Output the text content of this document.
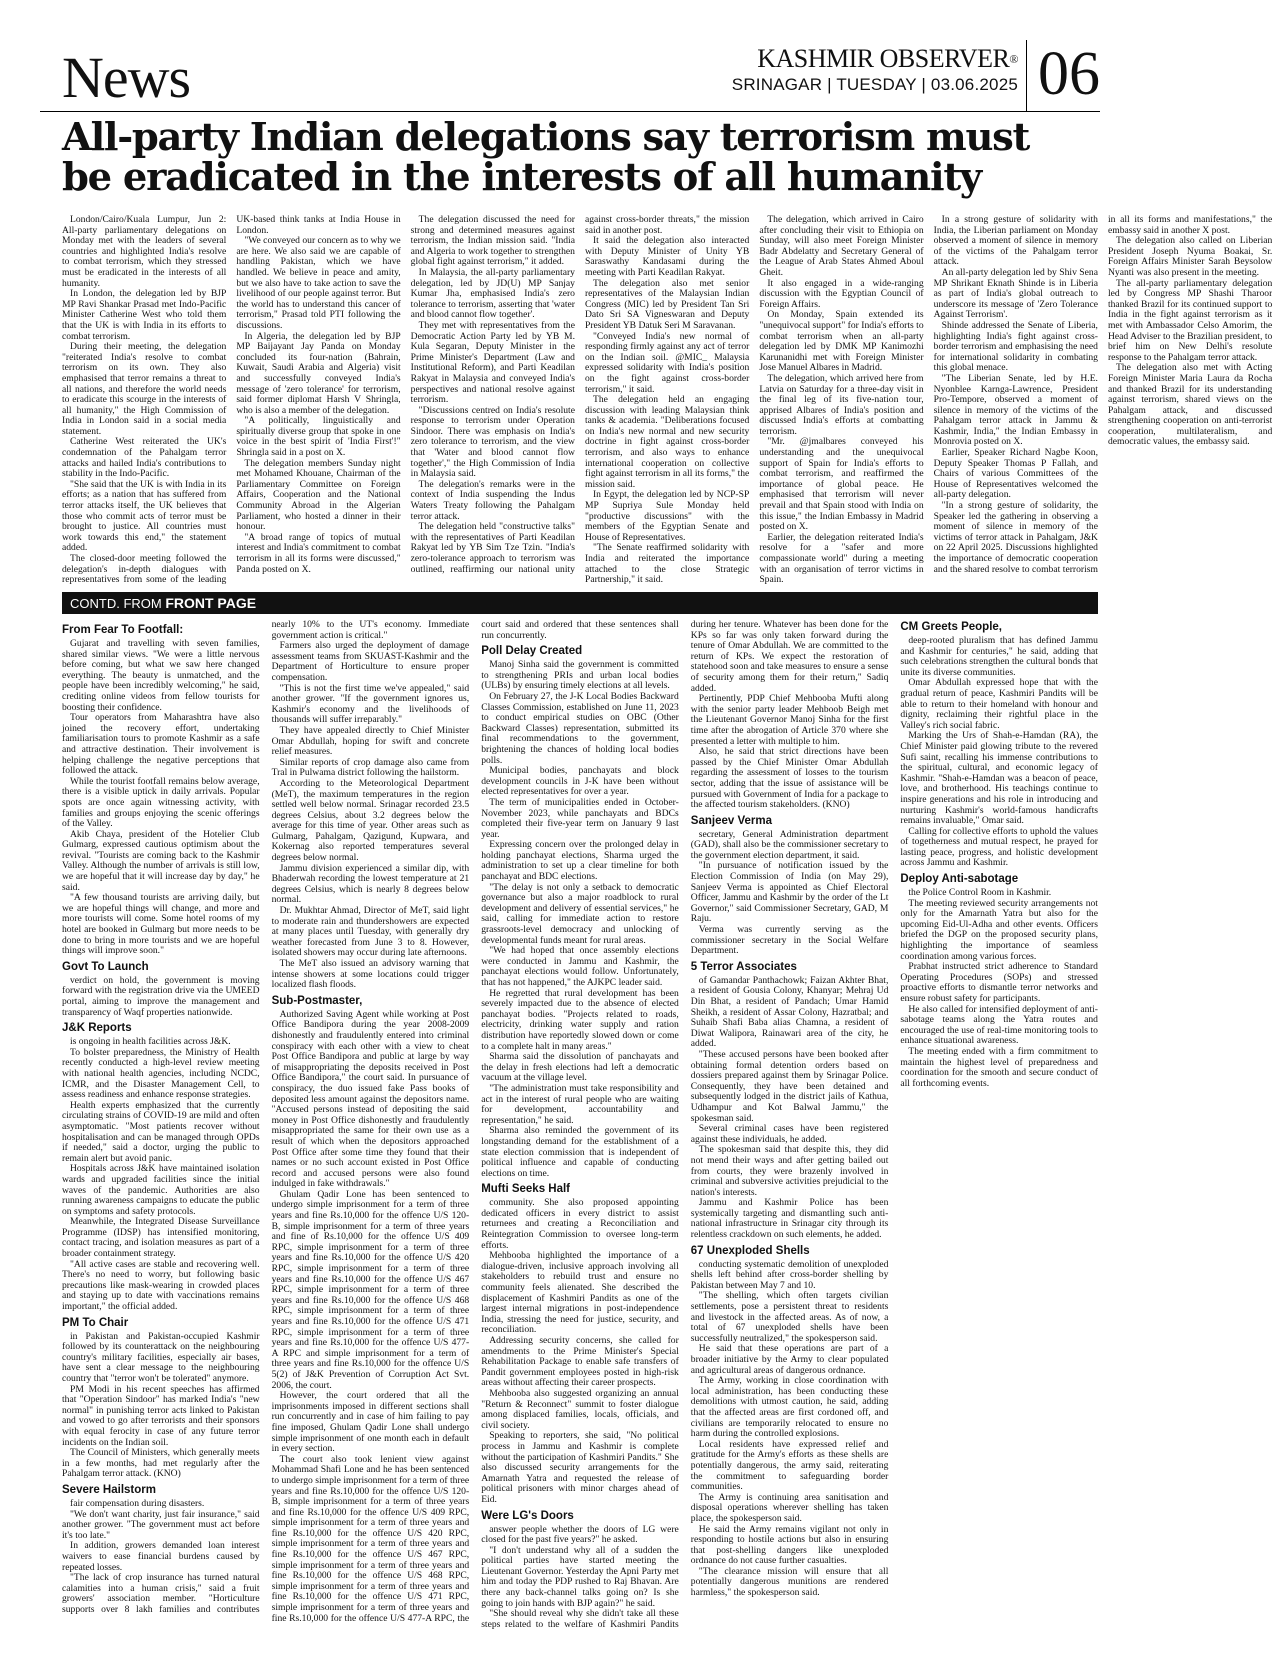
News	KASHMIR OBSERVER®
SRINAGAR | TUESDAY | 03.06.2025 06
All-party Indian delegations say terrorism must be eradicated in the interests of all humanity

London/Cairo/Kuala Lumpur, Jun 2: All-party parliamentary delegations on Monday met with the leaders of several countries and highlighted India's resolve to combat terrorism, which they stressed must be eradicated in the interests of all humanity.

In London, the delegation led by BJP MP Ravi Shankar Prasad met Indo-Pacific Minister Catherine West who told them that the UK is with India in its efforts to combat terrorism.

During their meeting, the delegation "reiterated India's resolve to combat terrorism on its own. They also emphasised that terror remains a threat to all nations, and therefore the world needs to eradicate this scourge in the interests of all humanity," the High Commission of India in London said in a social media statement.

Catherine West reiterated the UK's condemnation of the Pahalgam terror attacks and hailed India's contributions to stability in the Indo-Pacific.

"She said that the UK is with India in its efforts; as a nation that has suffered from terror attacks itself, the UK believes that those who commit acts of terror must be brought to justice. All countries must work towards this end," the statement added.

The closed-door meeting followed the delegation's in-depth dialogues with representatives from some of the leading UK-based think tanks at India House in London.

"We conveyed our concern as to why we are here. We also said we are capable of handling Pakistan, which we have handled. We believe in peace and amity, but we also have to take action to save the livelihood of our people against terror. But the world has to understand this cancer of terrorism," Prasad told PTI following the discussions.

In Algeria, the delegation led by BJP MP Baijayant Jay Panda on Monday concluded its four-nation (Bahrain, Kuwait, Saudi Arabia and Algeria) visit and successfully conveyed India's message of 'zero tolerance' for terrorism, said former diplomat Harsh V Shringla, who is also a member of the delegation.

"A politically, linguistically and spiritually diverse group that spoke in one voice in the best spirit of 'India First'!" Shringla said in a post on X.

The delegation members Sunday night met Mohamed Khouane, Chairman of the Parliamentary Committee on Foreign Affairs, Cooperation and the National Community Abroad in the Algerian Parliament, who hosted a dinner in their honour.

"A broad range of topics of mutual interest and India's commitment to combat terrorism in all its forms were discussed," Panda posted on X.

The delegation discussed the need for strong and determined measures against terrorism, the Indian mission said. "India and Algeria to work together to strengthen global fight against terrorism," it added.

In Malaysia, the all-party parliamentary delegation, led by JD(U) MP Sanjay Kumar Jha, emphasised India's zero tolerance to terrorism, asserting that 'water and blood cannot flow together'.

They met with representatives from the Democratic Action Party led by YB M. Kula Segaran, Deputy Minister in the Prime Minister's Department (Law and Institutional Reform), and Parti Keadilan Rakyat in Malaysia and conveyed India's perspectives and national resolve against terrorism.

"Discussions centred on India's resolute response to terrorism under Operation Sindoor. There was emphasis on India's zero tolerance to terrorism, and the view that 'Water and blood cannot flow together'," the High Commission of India in Malaysia said.

The delegation's remarks were in the context of India suspending the Indus Waters Treaty following the Pahalgam terror attack.

The delegation held "constructive talks" with the representatives of Parti Keadilan Rakyat led by YB Sim Tze Tzin. "India's zero-tolerance approach to terrorism was outlined, reaffirming our national unity against cross-border threats," the mission said in another post.

It said the delegation also interacted with Deputy Minister of Unity YB Saraswathy Kandasami during the meeting with Parti Keadilan Rakyat.

The delegation also met senior representatives of the Malaysian Indian Congress (MIC) led by President Tan Sri Dato Sri SA Vigneswaran and Deputy President YB Datuk Seri M Saravanan.

"Conveyed India's new normal of responding firmly against any act of terror on the Indian soil. @MIC_ Malaysia expressed solidarity with India's position on the fight against cross-border terrorism," it said.

The delegation held an engaging discussion with leading Malaysian think tanks & academia. "Deliberations focused on India's new normal and new security doctrine in fight against cross-border terrorism, and also ways to enhance international cooperation on collective fight against terrorism in all its forms," the mission said.

In Egypt, the delegation led by NCP-SP MP Supriya Sule Monday held "productive discussions" with the members of the Egyptian Senate and House of Representatives.

"The Senate reaffirmed solidarity with India and reiterated the importance attached to the close Strategic Partnership," it said.

The delegation, which arrived in Cairo after concluding their visit to Ethiopia on Sunday, will also meet Foreign Minister Badr Abdelatty and Secretary General of the League of Arab States Ahmed Aboul Gheit.

It also engaged in a wide-ranging discussion with the Egyptian Council of Foreign Affairs.

On Monday, Spain extended its "unequivocal support" for India's efforts to combat terrorism when an all-party delegation led by DMK MP Kanimozhi Karunanidhi met with Foreign Minister Jose Manuel Albares in Madrid.

The delegation, which arrived here from Latvia on Saturday for a three-day visit in the final leg of its five-nation tour, apprised Albares of India's position and discussed India's efforts at combatting terrorism.

"Mr. @jmalbares conveyed his understanding and the unequivocal support of Spain for India's efforts to combat terrorism, and reaffirmed the importance of global peace. He emphasised that terrorism will never prevail and that Spain stood with India on this issue," the Indian Embassy in Madrid posted on X.

Earlier, the delegation reiterated India's resolve for a "safer and more compassionate world" during a meeting with an organisation of terror victims in Spain.

In a strong gesture of solidarity with India, the Liberian parliament on Monday observed a moment of silence in memory of the victims of the Pahalgam terror attack.

An all-party delegation led by Shiv Sena MP Shrikant Eknath Shinde is in Liberia as part of India's global outreach to underscore its message of 'Zero Tolerance Against Terrorism'.

Shinde addressed the Senate of Liberia, highlighting India's fight against cross-border terrorism and emphasising the need for international solidarity in combating this global menace.

"The Liberian Senate, led by H.E. Nyonblee Karnga-Lawrence, President Pro-Tempore, observed a moment of silence in memory of the victims of the Pahalgam terror attack in Jammu & Kashmir, India," the Indian Embassy in Monrovia posted on X.

Earlier, Speaker Richard Nagbe Koon, Deputy Speaker Thomas P Fallah, and Chairs of various Committees of the House of Representatives welcomed the all-party delegation.

"In a strong gesture of solidarity, the Speaker led the gathering in observing a moment of silence in memory of the victims of terror attack in Pahalgam, J&K on 22 April 2025. Discussions highlighted the importance of democratic cooperation and the shared resolve to combat terrorism in all its forms and manifestations," the embassy said in another X post.

The delegation also called on Liberian President Joseph Nyuma Boakai, Sr. Foreign Affairs Minister Sarah Beysolow Nyanti was also present in the meeting.

The all-party parliamentary delegation led by Congress MP Shashi Tharoor thanked Brazil for its continued support to India in the fight against terrorism as it met with Ambassador Celso Amorim, the Head Adviser to the Brazilian president, to brief him on New Delhi's resolute response to the Pahalgam terror attack.

The delegation also met with Acting Foreign Minister Maria Laura da Rocha and thanked Brazil for its understanding against terrorism, shared views on the Pahalgam attack, and discussed strengthening cooperation on anti-terrorist cooperation, multilateralism, and democratic values, the embassy said.

CONTD. FROM FRONT PAGE
From Fear To Footfall:

Gujarat and travelling with seven families, shared similar views. "We were a little nervous before coming, but what we saw here changed everything. The beauty is unmatched, and the people have been incredibly welcoming," he said, crediting online videos from fellow tourists for boosting their confidence.

Tour operators from Maharashtra have also joined the recovery effort, undertaking familiarisation tours to promote Kashmir as a safe and attractive destination. Their involvement is helping challenge the negative perceptions that followed the attack.

While the tourist footfall remains below average, there is a visible uptick in daily arrivals. Popular spots are once again witnessing activity, with families and groups enjoying the scenic offerings of the Valley.

Akib Chaya, president of the Hotelier Club Gulmarg, expressed cautious optimism about the revival. "Tourists are coming back to the Kashmir Valley. Although the number of arrivals is still low, we are hopeful that it will increase day by day," he said.

"A few thousand tourists are arriving daily, but we are hopeful things will change, and more and more tourists will come. Some hotel rooms of my hotel are booked in Gulmarg but more needs to be done to bring in more tourists and we are hopeful things will improve soon."

Govt To Launch

verdict on hold, the government is moving forward with the registration drive via the UMEED portal, aiming to improve the management and transparency of Waqf properties nationwide.

J&K Reports

is ongoing in health facilities across J&K.

To bolster preparedness, the Ministry of Health recently conducted a high-level review meeting with national health agencies, including NCDC, ICMR, and the Disaster Management Cell, to assess readiness and enhance response strategies.

Health experts emphasized that the currently circulating strains of COVID-19 are mild and often asymptomatic. "Most patients recover without hospitalisation and can be managed through OPDs if needed," said a doctor, urging the public to remain alert but avoid panic.

Hospitals across J&K have maintained isolation wards and upgraded facilities since the initial waves of the pandemic. Authorities are also running awareness campaigns to educate the public on symptoms and safety protocols.

Meanwhile, the Integrated Disease Surveillance Programme (IDSP) has intensified monitoring, contact tracing, and isolation measures as part of a broader containment strategy.

"All active cases are stable and recovering well. There's no need to worry, but following basic precautions like mask-wearing in crowded places and staying up to date with vaccinations remains important," the official added.

PM To Chair

in Pakistan and Pakistan-occupied Kashmir followed by its counterattack on the neighbouring country's military facilities, especially air bases, have sent a clear message to the neighbouring country that "terror won't be tolerated" anymore.

PM Modi in his recent speeches has affirmed that "Operation Sindoor" has marked India's "new normal" in punishing terror acts linked to Pakistan and vowed to go after terrorists and their sponsors with equal ferocity in case of any future terror incidents on the Indian soil.

The Council of Ministers, which generally meets in a few months, had met regularly after the Pahalgam terror attack. (KNO)

Severe Hailstorm

fair compensation during disasters.

"We don't want charity, just fair insurance," said another grower. "The government must act before it's too late."

In addition, growers demanded loan interest waivers to ease financial burdens caused by repeated losses.

"The lack of crop insurance has turned natural calamities into a human crisis," said a fruit growers' association member. "Horticulture supports over 8 lakh families and contributes nearly 10% to the UT's economy. Immediate government action is critical."

Farmers also urged the deployment of damage assessment teams from SKUAST-Kashmir and the Department of Horticulture to ensure proper compensation.

"This is not the first time we've appealed," said another grower. "If the government ignores us, Kashmir's economy and the livelihoods of thousands will suffer irreparably."

They have appealed directly to Chief Minister Omar Abdullah, hoping for swift and concrete relief measures.

Similar reports of crop damage also came from Tral in Pulwama district following the hailstorm.

According to the Meteorological Department (MeT), the maximum temperatures in the region settled well below normal. Srinagar recorded 23.5 degrees Celsius, about 3.2 degrees below the average for this time of year. Other areas such as Gulmarg, Pahalgam, Qazigund, Kupwara, and Kokernag also reported temperatures several degrees below normal.

Jammu division experienced a similar dip, with Bhaderwah recording the lowest temperature at 21 degrees Celsius, which is nearly 8 degrees below normal.

Dr. Mukhtar Ahmad, Director of MeT, said light to moderate rain and thundershowers are expected at many places until Tuesday, with generally dry weather forecasted from June 3 to 8. However, isolated showers may occur during late afternoons.

The MeT also issued an advisory warning that intense showers at some locations could trigger localized flash floods.

Sub-Postmaster,

Authorized Saving Agent while working at Post Office Bandipora during the year 2008-2009 dishonestly and fraudulently entered into criminal conspiracy with each other with a view to cheat Post Office Bandipora and public at large by way of misappropriating the deposits received in Post Office Bandipora," the court said. In pursuance of conspiracy, the duo issued fake Pass books of deposited less amount against the depositors name. "Accused persons instead of depositing the said money in Post Office dishonestly and fraudulently misappropriated the same for their own use as a result of which when the depositors approached Post Office after some time they found that their names or no such account existed in Post Office record and accused persons were also found indulged in fake withdrawals."

Ghulam Qadir Lone has been sentenced to undergo simple imprisonment for a term of three years and fine Rs.10,000 for the offence U/S 120-B, simple imprisonment for a term of three years and fine of Rs.10,000 for the offence U/S 409 RPC, simple imprisonment for a term of three years and fine Rs.10,000 for the offence U/S 420 RPC, simple imprisonment for a term of three years and fine Rs.10,000 for the offence U/S 467 RPC, simple imprisonment for a term of three years and fine Rs.10,000 for the offence U/S 468 RPC, simple imprisonment for a term of three years and fine Rs.10,000 for the offence U/S 471 RPC, simple imprisonment for a term of three years and fine Rs.10,000 for the offence U/S 477-A RPC and simple imprisonment for a term of three years and fine Rs.10,000 for the offence U/S 5(2) of J&K Prevention of Corruption Act Svt. 2006, the court.

However, the court ordered that all the imprisonments imposed in different sections shall run concurrently and in case of him failing to pay fine imposed, Ghulam Qadir Lone shall undergo simple imprisonment of one month each in default in every section.

The court also took lenient view against Mohammad Shafi Lone and he has been sentenced to undergo simple imprisonment for a term of three years and fine Rs.10,000 for the offence U/S 120-B, simple imprisonment for a term of three years and fine Rs.10,000 for the offence U/S 409 RPC, simple imprisonment for a term of three years and fine Rs.10,000 for the offence U/S 420 RPC, simple imprisonment for a term of three years and fine Rs.10,000 for the offence U/S 467 RPC, simple imprisonment for a term of three years and fine Rs.10,000 for the offence U/S 468 RPC, simple imprisonment for a term of three years and fine Rs.10,000 for the offence U/S 471 RPC, simple imprisonment for a term of three years and fine Rs.10,000 for the offence U/S 477-A RPC, the court said and ordered that these sentences shall run concurrently.

Poll Delay Created

Manoj Sinha said the government is committed to strengthening PRIs and urban local bodies (ULBs) by ensuring timely elections at all levels.

On February 27, the J-K Local Bodies Backward Classes Commission, established on June 11, 2023 to conduct empirical studies on OBC (Other Backward Classes) representation, submitted its final recommendations to the government, brightening the chances of holding local bodies polls.

Municipal bodies, panchayats and block development councils in J-K have been without elected representatives for over a year.

The term of municipalities ended in October-November 2023, while panchayats and BDCs completed their five-year term on January 9 last year.

Expressing concern over the prolonged delay in holding panchayat elections, Sharma urged the administration to set up a clear timeline for both panchayat and BDC elections.

"The delay is not only a setback to democratic governance but also a major roadblock to rural development and delivery of essential services," he said, calling for immediate action to restore grassroots-level democracy and unlocking of developmental funds meant for rural areas.

"We had hoped that once assembly elections were conducted in Jammu and Kashmir, the panchayat elections would follow. Unfortunately, that has not happened," the AJKPC leader said.

He regretted that rural development has been severely impacted due to the absence of elected panchayat bodies. "Projects related to roads, electricity, drinking water supply and ration distribution have reportedly slowed down or come to a complete halt in many areas."

Sharma said the dissolution of panchayats and the delay in fresh elections had left a democratic vacuum at the village level.

"The administration must take responsibility and act in the interest of rural people who are waiting for development, accountability and representation," he said.

Sharma also reminded the government of its longstanding demand for the establishment of a state election commission that is independent of political influence and capable of conducting elections on time.

Mufti Seeks Half

community. She also proposed appointing dedicated officers in every district to assist returnees and creating a Reconciliation and Reintegration Commission to oversee long-term efforts.

Mehbooba highlighted the importance of a dialogue-driven, inclusive approach involving all stakeholders to rebuild trust and ensure no community feels alienated. She described the displacement of Kashmiri Pandits as one of the largest internal migrations in post-independence India, stressing the need for justice, security, and reconciliation.

Addressing security concerns, she called for amendments to the Prime Minister's Special Rehabilitation Package to enable safe transfers of Pandit government employees posted in high-risk areas without affecting their career prospects.

Mehbooba also suggested organizing an annual "Return & Reconnect" summit to foster dialogue among displaced families, locals, officials, and civil society.

Speaking to reporters, she said, "No political process in Jammu and Kashmir is complete without the participation of Kashmiri Pandits." She also discussed security arrangements for the Amarnath Yatra and requested the release of political prisoners with minor charges ahead of Eid.

Were LG's Doors

answer people whether the doors of LG were closed for the past five years?" he asked.

"I don't understand why all of a sudden the political parties have started meeting the Lieutenant Governor. Yesterday the Apni Party met him and today the PDP rushed to Raj Bhavan. Are there any back-channel talks going on? Is she going to join hands with BJP again?" he said.

"She should reveal why she didn't take all these steps related to the welfare of Kashmiri Pandits during her tenure. Whatever has been done for the KPs so far was only taken forward during the tenure of Omar Abdullah. We are committed to the return of KPs. We expect the restoration of statehood soon and take measures to ensure a sense of security among them for their return," Sadiq added.

Pertinently, PDP Chief Mehbooba Mufti along with the senior party leader Mehboob Beigh met the Lieutenant Governor Manoj Sinha for the first time after the abrogation of Article 370 where she presented a letter with multiple to him.

Also, he said that strict directions have been passed by the Chief Minister Omar Abdullah regarding the assessment of losses to the tourism sector, adding that the issue of assistance will be pursued with Government of India for a package to the affected tourism stakeholders. (KNO)

Sanjeev Verma

secretary, General Administration department (GAD), shall also be the commissioner secretary to the government election department, it said.

"In pursuance of notification issued by the Election Commission of India (on May 29), Sanjeev Verma is appointed as Chief Electoral Officer, Jammu and Kashmir by the order of the Lt Governor," said Commissioner Secretary, GAD, M Raju.

Verma was currently serving as the commissioner secretary in the Social Welfare Department.

5 Terror Associates

of Gamandar Panthachowk; Faizan Akhter Bhat, a resident of Gousia Colony, Khanyar; Mehraj Ud Din Bhat, a resident of Pandach; Umar Hamid Sheikh, a resident of Assar Colony, Hazratbal; and Suhaib Shafi Baba alias Chamna, a resident of Diwat Walipora, Rainawari area of the city, he added.

"These accused persons have been booked after obtaining formal detention orders based on dossiers prepared against them by Srinagar Police. Consequently, they have been detained and subsequently lodged in the district jails of Kathua, Udhampur and Kot Balwal Jammu," the spokesman said.

Several criminal cases have been registered against these individuals, he added.

The spokesman said that despite this, they did not mend their ways and after getting bailed out from courts, they were brazenly involved in criminal and subversive activities prejudicial to the nation's interests.

Jammu and Kashmir Police has been systemically targeting and dismantling such anti-national infrastructure in Srinagar city through its relentless crackdown on such elements, he added.

67 Unexploded Shells

conducting systematic demolition of unexploded shells left behind after cross-border shelling by Pakistan between May 7 and 10.

"The shelling, which often targets civilian settlements, pose a persistent threat to residents and livestock in the affected areas. As of now, a total of 67 unexploded shells have been successfully neutralized," the spokesperson said.

He said that these operations are part of a broader initiative by the Army to clear populated and agricultural areas of dangerous ordnance.

The Army, working in close coordination with local administration, has been conducting these demolitions with utmost caution, he said, adding that the affected areas are first cordoned off, and civilians are temporarily relocated to ensure no harm during the controlled explosions.

Local residents have expressed relief and gratitude for the Army's efforts as these shells are potentially dangerous, the army said, reiterating the commitment to safeguarding border communities.

The Army is continuing area sanitisation and disposal operations wherever shelling has taken place, the spokesperson said.

He said the Army remains vigilant not only in responding to hostile actions but also in ensuring that post-shelling dangers like unexploded ordnance do not cause further casualties.

"The clearance mission will ensure that all potentially dangerous munitions are rendered harmless," the spokesperson said.

CM Greets People,

deep-rooted pluralism that has defined Jammu and Kashmir for centuries," he said, adding that such celebrations strengthen the cultural bonds that unite its diverse communities.

Omar Abdullah expressed hope that with the gradual return of peace, Kashmiri Pandits will be able to return to their homeland with honour and dignity, reclaiming their rightful place in the Valley's rich social fabric.

Marking the Urs of Shah-e-Hamdan (RA), the Chief Minister paid glowing tribute to the revered Sufi saint, recalling his immense contributions to the spiritual, cultural, and economic legacy of Kashmir. "Shah-e-Hamdan was a beacon of peace, love, and brotherhood. His teachings continue to inspire generations and his role in introducing and nurturing Kashmir's world-famous handicrafts remains invaluable," Omar said.

Calling for collective efforts to uphold the values of togetherness and mutual respect, he prayed for lasting peace, progress, and holistic development across Jammu and Kashmir.

Deploy Anti-sabotage

the Police Control Room in Kashmir.

The meeting reviewed security arrangements not only for the Amarnath Yatra but also for the upcoming Eid-Ul-Adha and other events. Officers briefed the DGP on the proposed security plans, highlighting the importance of seamless coordination among various forces.

Prabhat instructed strict adherence to Standard Operating Procedures (SOPs) and stressed proactive efforts to dismantle terror networks and ensure robust safety for participants.

He also called for intensified deployment of anti-sabotage teams along the Yatra routes and encouraged the use of real-time monitoring tools to enhance situational awareness.

The meeting ended with a firm commitment to maintain the highest level of preparedness and coordination for the smooth and secure conduct of all forthcoming events.
